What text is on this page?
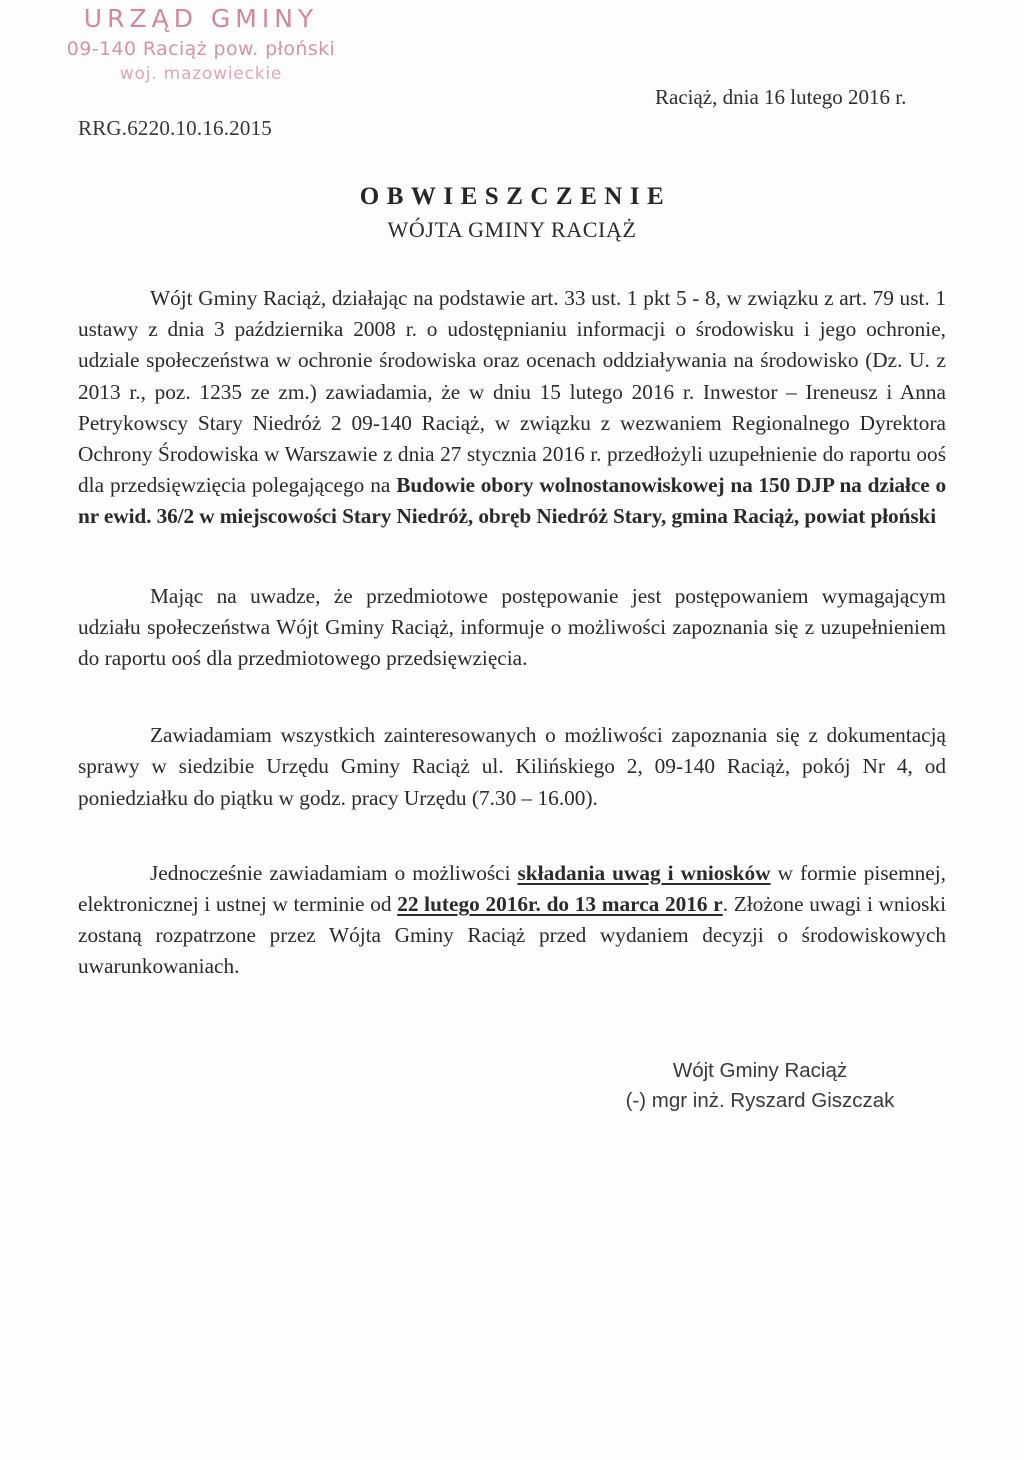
URZĄD GMINY
09-140 Raciąż pow. płoński
woj. mazowieckie
RRG.6220.10.16.2015
Raciąż, dnia 16 lutego 2016 r.
OBWIESZCZENIE
WÓJTA GMINY RACIĄŻ

Wójt Gminy Raciąż, działając na podstawie art. 33 ust. 1 pkt 5 - 8, w związku z art. 79 ust. 1 ustawy z dnia 3 października 2008 r. o udostępnianiu informacji o środowisku i jego ochronie, udziale społeczeństwa w ochronie środowiska oraz ocenach oddziaływania na środowisko (Dz. U. z 2013 r., poz. 1235 ze zm.) zawiadamia, że w dniu 15 lutego 2016 r. Inwestor – Ireneusz i Anna Petrykowscy Stary Niedróż 2 09-140 Raciąż, w związku z wezwaniem Regionalnego Dyrektora Ochrony Środowiska w Warszawie z dnia 27 stycznia 2016 r. przedłożyli uzupełnienie do raportu ooś dla przedsięwzięcia polegającego na Budowie obory wolnostanowiskowej na 150 DJP na działce o nr ewid. 36/2 w miejscowości Stary Niedróż, obręb Niedróż Stary, gmina Raciąż, powiat płoński

Mając na uwadze, że przedmiotowe postępowanie jest postępowaniem wymagającym udziału społeczeństwa Wójt Gminy Raciąż, informuje o możliwości zapoznania się z uzupełnieniem do raportu ooś dla przedmiotowego przedsięwzięcia.

Zawiadamiam wszystkich zainteresowanych o możliwości zapoznania się z dokumentacją sprawy w siedzibie Urzędu Gminy Raciąż ul. Kilińskiego 2, 09-140 Raciąż, pokój Nr 4, od poniedziałku do piątku w godz. pracy Urzędu (7.30 – 16.00).

Jednocześnie zawiadamiam o możliwości składania uwag i wniosków w formie pisemnej, elektronicznej i ustnej w terminie od 22 lutego 2016r. do 13 marca 2016 r. Złożone uwagi i wnioski zostaną rozpatrzone przez Wójta Gminy Raciąż przed wydaniem decyzji o środowiskowych uwarunkowaniach.

Wójt Gminy Raciąż
(-) mgr inż. Ryszard Giszczak
